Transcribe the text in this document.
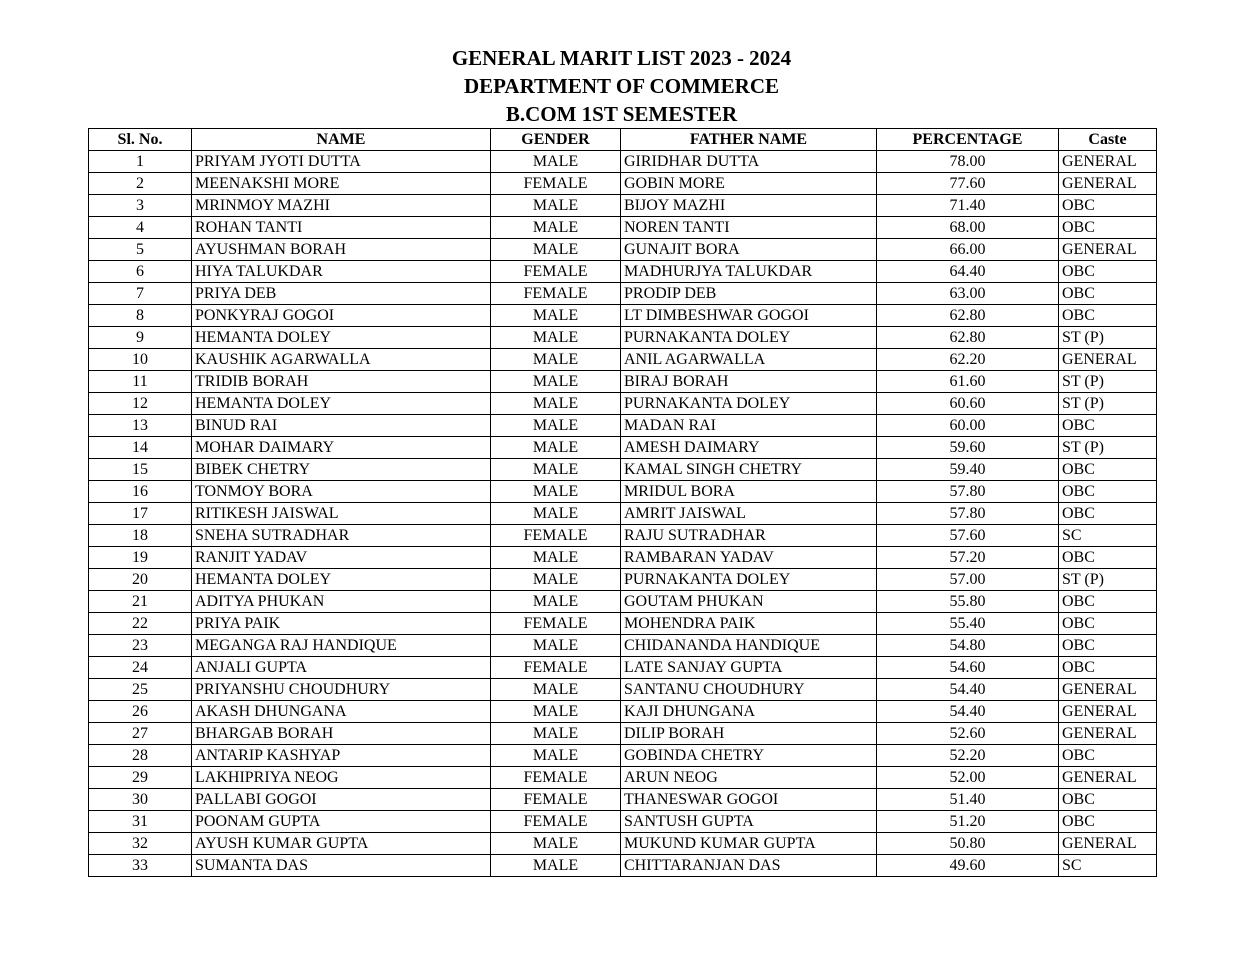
GENERAL MARIT LIST 2023 - 2024
DEPARTMENT OF COMMERCE
B.COM 1ST SEMESTER
Sl. No.	NAME	GENDER	FATHER NAME	PERCENTAGE	Caste
1	PRIYAM JYOTI DUTTA	MALE	GIRIDHAR DUTTA	78.00	GENERAL
2	MEENAKSHI MORE	FEMALE	GOBIN MORE	77.60	GENERAL
3	MRINMOY MAZHI	MALE	BIJOY MAZHI	71.40	OBC
4	ROHAN TANTI	MALE	NOREN TANTI	68.00	OBC
5	AYUSHMAN BORAH	MALE	GUNAJIT BORA	66.00	GENERAL
6	HIYA TALUKDAR	FEMALE	MADHURJYA TALUKDAR	64.40	OBC
7	PRIYA DEB	FEMALE	PRODIP DEB	63.00	OBC
8	PONKYRAJ GOGOI	MALE	LT DIMBESHWAR GOGOI	62.80	OBC
9	HEMANTA DOLEY	MALE	PURNAKANTA DOLEY	62.80	ST (P)
10	KAUSHIK AGARWALLA	MALE	ANIL AGARWALLA	62.20	GENERAL
11	TRIDIB BORAH	MALE	BIRAJ BORAH	61.60	ST (P)
12	HEMANTA DOLEY	MALE	PURNAKANTA DOLEY	60.60	ST (P)
13	BINUD RAI	MALE	MADAN RAI	60.00	OBC
14	MOHAR DAIMARY	MALE	AMESH DAIMARY	59.60	ST (P)
15	BIBEK CHETRY	MALE	KAMAL SINGH CHETRY	59.40	OBC
16	TONMOY BORA	MALE	MRIDUL BORA	57.80	OBC
17	RITIKESH JAISWAL	MALE	AMRIT JAISWAL	57.80	OBC
18	SNEHA SUTRADHAR	FEMALE	RAJU SUTRADHAR	57.60	SC
19	RANJIT YADAV	MALE	RAMBARAN YADAV	57.20	OBC
20	HEMANTA DOLEY	MALE	PURNAKANTA DOLEY	57.00	ST (P)
21	ADITYA PHUKAN	MALE	GOUTAM PHUKAN	55.80	OBC
22	PRIYA PAIK	FEMALE	MOHENDRA PAIK	55.40	OBC
23	MEGANGA RAJ HANDIQUE	MALE	CHIDANANDA HANDIQUE	54.80	OBC
24	ANJALI GUPTA	FEMALE	LATE SANJAY GUPTA	54.60	OBC
25	PRIYANSHU CHOUDHURY	MALE	SANTANU CHOUDHURY	54.40	GENERAL
26	AKASH DHUNGANA	MALE	KAJI DHUNGANA	54.40	GENERAL
27	BHARGAB BORAH	MALE	DILIP BORAH	52.60	GENERAL
28	ANTARIP KASHYAP	MALE	GOBINDA CHETRY	52.20	OBC
29	LAKHIPRIYA NEOG	FEMALE	ARUN NEOG	52.00	GENERAL
30	PALLABI GOGOI	FEMALE	THANESWAR GOGOI	51.40	OBC
31	POONAM GUPTA	FEMALE	SANTUSH GUPTA	51.20	OBC
32	AYUSH KUMAR GUPTA	MALE	MUKUND KUMAR GUPTA	50.80	GENERAL
33	SUMANTA DAS	MALE	CHITTARANJAN DAS	49.60	SC
